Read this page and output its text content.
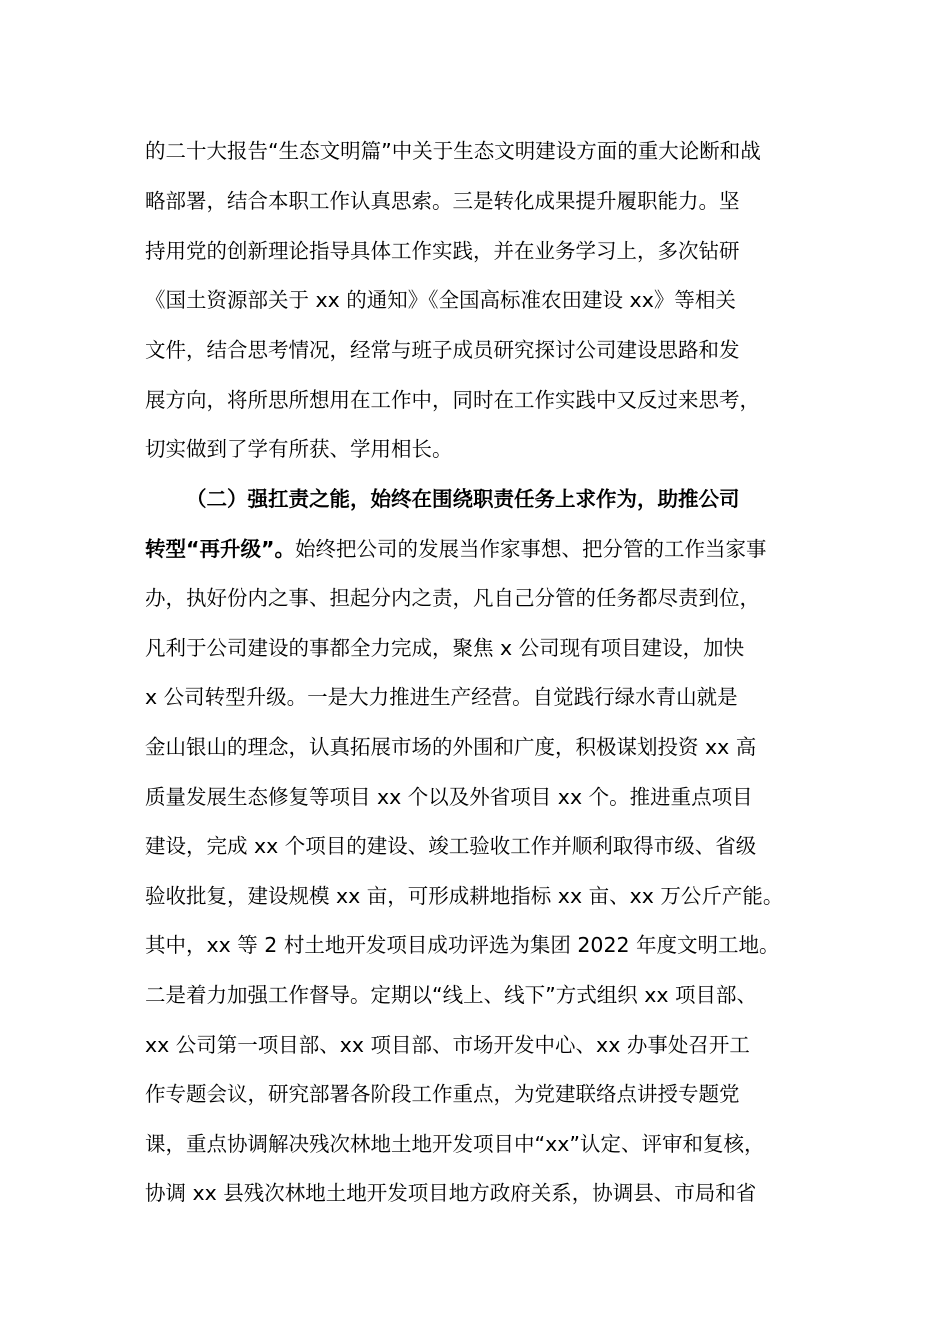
的二十大报告“生态文明篇”中关于生态文明建设方面的重大论断和战
略部署，结合本职工作认真思索。三是转化成果提升履职能力。坚
持用党的创新理论指导具体工作实践，并在业务学习上，多次钻研
《国土资源部关于 xx 的通知》《全国高标准农田建设 xx》等相关
文件，结合思考情况，经常与班子成员研究探讨公司建设思路和发
展方向，将所思所想用在工作中，同时在工作实践中又反过来思考，
切实做到了学有所获、学用相长。
（二）强扛责之能，始终在围绕职责任务上求作为，助推公司
转型“再升级”。始终把公司的发展当作家事想、把分管的工作当家事
办，执好份内之事、担起分内之责，凡自己分管的任务都尽责到位，
凡利于公司建设的事都全力完成，聚焦 x 公司现有项目建设，加快
x 公司转型升级。一是大力推进生产经营。自觉践行绿水青山就是
金山银山的理念，认真拓展市场的外围和广度，积极谋划投资 xx 高
质量发展生态修复等项目 xx 个以及外省项目 xx 个。推进重点项目
建设，完成 xx 个项目的建设、竣工验收工作并顺利取得市级、省级
验收批复，建设规模 xx 亩，可形成耕地指标 xx 亩、xx 万公斤产能。
其中，xx 等 2 村土地开发项目成功评选为集团 2022 年度文明工地。
二是着力加强工作督导。定期以“线上、线下”方式组织 xx 项目部、
xx 公司第一项目部、xx 项目部、市场开发中心、xx 办事处召开工
作专题会议，研究部署各阶段工作重点，为党建联络点讲授专题党
课，重点协调解决残次林地土地开发项目中“xx”认定、评审和复核，
协调 xx 县残次林地土地开发项目地方政府关系，协调县、市局和省
